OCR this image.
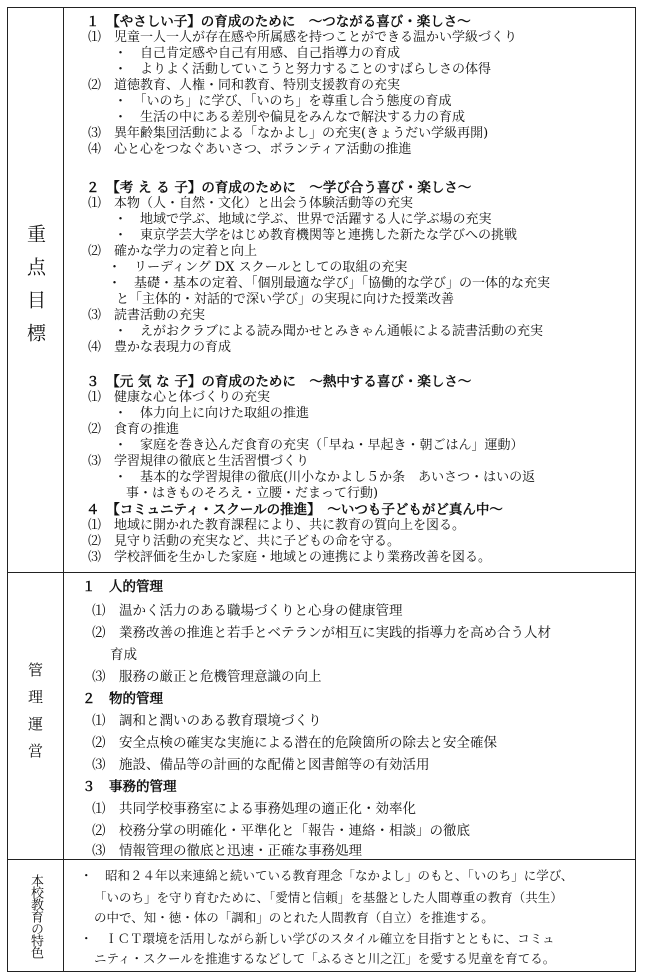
重点目標
１　【やさしい子】の育成のために　～つながる喜び・楽しさ～
⑴　児童一人一人が存在感や所属感を持つことができる温かい学級づくり
・　自己肯定感や自己有用感、自己指導力の育成
・　よりよく活動していこうと努力することのすばらしさの体得
⑵　道徳教育、人権・同和教育、特別支援教育の充実
・　「いのち」に学び、「いのち」を尊重し合う態度の育成
・　生活の中にある差別や偏見をみんなで解決する力の育成
⑶　異年齢集団活動による「なかよし」の充実(きょうだい学級再開)
⑷　心と心をつなぐあいさつ、ボランティア活動の推進
２　【考 え る 子】の育成のために　～学び合う喜び・楽しさ～
⑴　本物（人・自然・文化）と出会う体験活動等の充実
・　地域で学ぶ、地域に学ぶ、世界で活躍する人に学ぶ場の充実
・　東京学芸大学をはじめ教育機関等と連携した新たな学びへの挑戦
⑵　確かな学力の定着と向上
・　リーディング DX スクールとしての取組の充実
・　基礎・基本の定着、「個別最適な学び」「協働的な学び」の一体的な充実
と「主体的・対話的で深い学び」の実現に向けた授業改善
⑶　読書活動の充実
・　えがおクラブによる読み聞かせとみきゃん通帳による読書活動の充実
⑷　豊かな表現力の育成
３　【元 気 な 子】の育成のために　～熱中する喜び・楽しさ～
⑴　健康な心と体づくりの充実
・　体力向上に向けた取組の推進
⑵　食育の推進
・　家庭を巻き込んだ食育の充実（「早ね・早起き・朝ごはん」運動）
⑶　学習規律の徹底と生活習慣づくり
・　基本的な学習規律の徹底(川小なかよし５か条　あいさつ・はいの返
事・はきものそろえ・立腰・だまって行動)
４　【コミュニティ・スクールの推進】　～いつも子どもがど真ん中～
⑴　地域に開かれた教育課程により、共に教育の質向上を図る。
⑵　見守り活動の充実など、共に子どもの命を守る。
⑶　学校評価を生かした家庭・地域との連携により業務改善を図る。
管理運営
１　人的管理
⑴　温かく活力のある職場づくりと心身の健康管理
⑵　業務改善の推進と若手とベテランが相互に実践的指導力を高め合う人材
育成
⑶　服務の厳正と危機管理意識の向上
２　物的管理
⑴　調和と潤いのある教育環境づくり
⑵　安全点検の確実な実施による潜在的危険箇所の除去と安全確保
⑶　施設、備品等の計画的な配備と図書館等の有効活用
３　事務的管理
⑴　共同学校事務室による事務処理の適正化・効率化
⑵　校務分掌の明確化・平準化と「報告・連絡・相談」の徹底
⑶　情報管理の徹底と迅速・正確な事務処理
本校教育の特色	・　昭和２４年以来連綿と続いている教育理念「なかよし」のもと、「いのち」に学び、
「いのち」を守り育むために、「愛情と信頼」を基盤とした人間尊重の教育（共生）
の中で、知・徳・体の「調和」のとれた人間教育（自立）を推進する。
・　ＩＣＴ環境を活用しながら新しい学びのスタイル確立を目指すとともに、コミュ
ニティ・スクールを推進するなどして「ふるさと川之江」を愛する児童を育てる。
